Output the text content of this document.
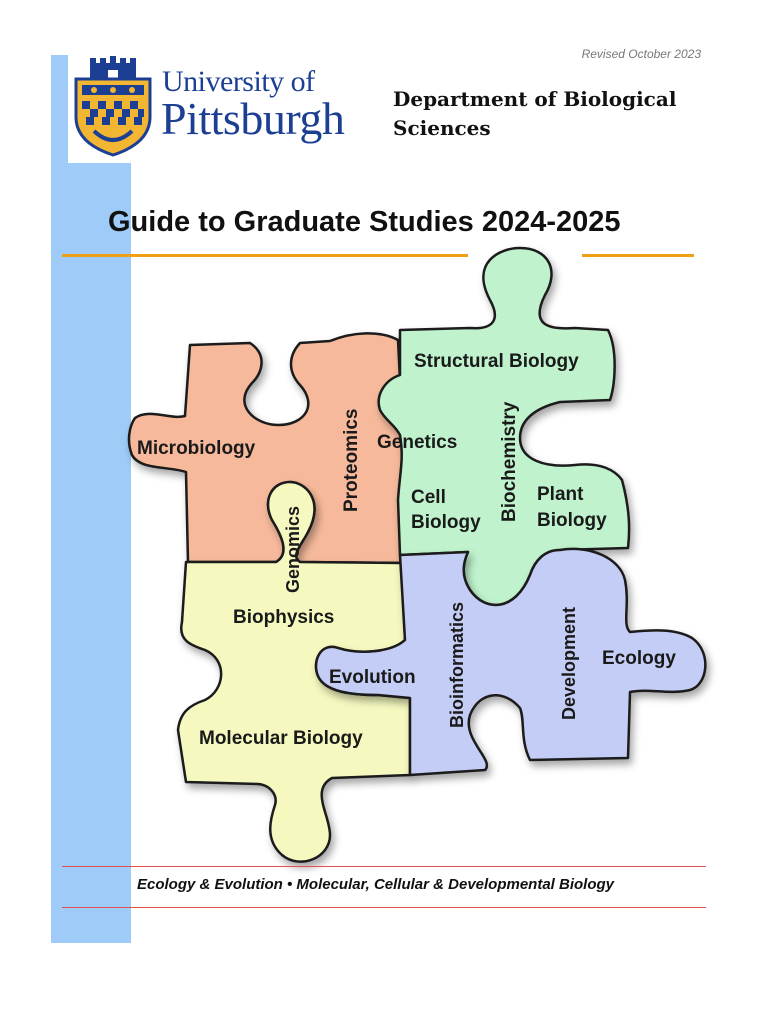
University of
Pittsburgh
Revised October 2023
Department of Biological Sciences
Guide to Graduate Studies 2024-2025
Microbiology	Proteomics Genetics
Genomics
Structural Biology
Biochemistry
Cell
Biology
Plant
Biology
Biophysics
Molecular Biology
Evolution Bioinformatics	Development Ecology
Ecology & Evolution • Molecular, Cellular & Developmental Biology
